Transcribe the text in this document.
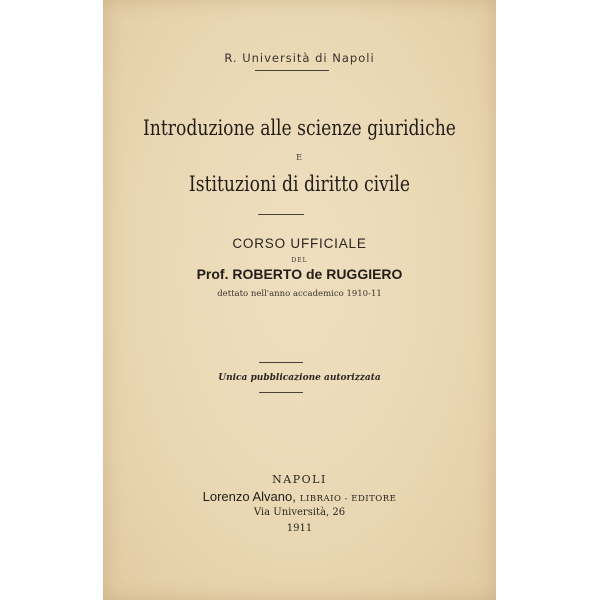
R. Università di Napoli
Introduzione alle scienze giuridiche
E
Istituzioni di diritto civile
CORSO UFFICIALE
DEL
Prof. ROBERTO de RUGGIERO
dettato nell'anno accademico 1910-11
Unica pubblicazione autorizzata
NAPOLI
Lorenzo Alvano, LIBRAIO - EDITORE
Via Università, 26
1911
